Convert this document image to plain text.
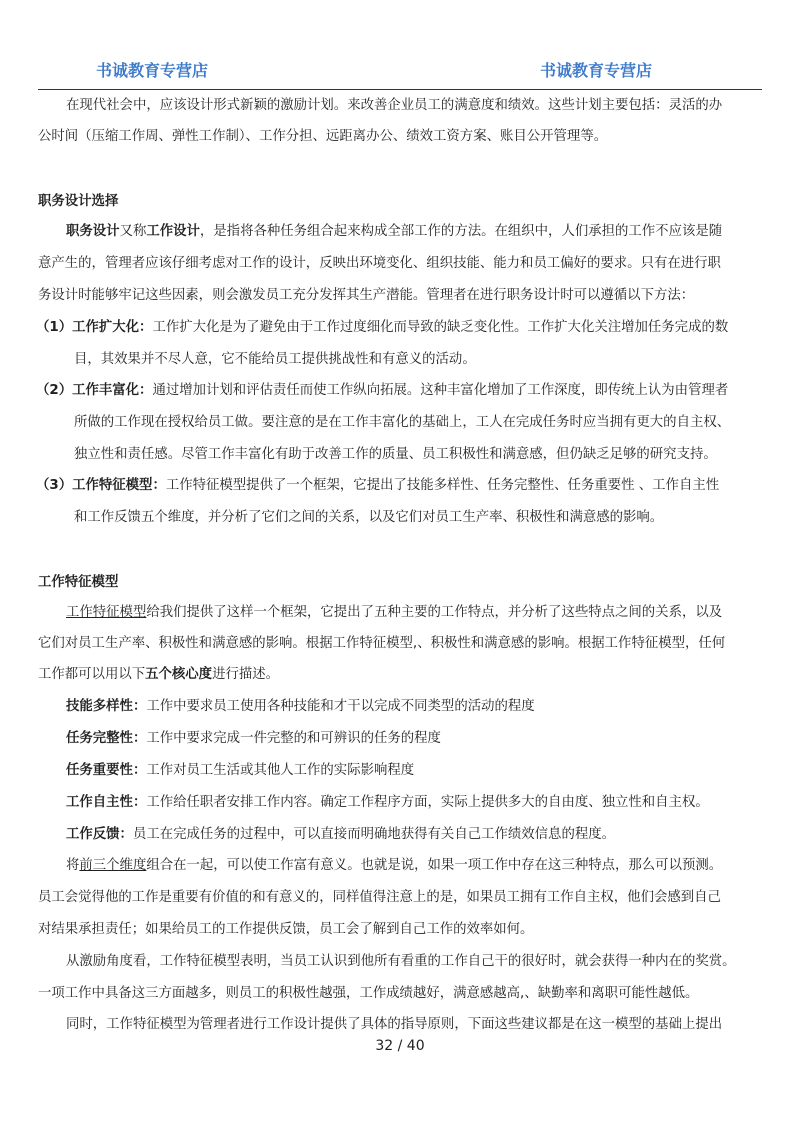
书诚教育专营店	书诚教育专营店
在现代社会中，应该设计形式新颖的激励计划。来改善企业员工的满意度和绩效。这些计划主要包括：灵活的办
公时间（压缩工作周、弹性工作制）、工作分担、远距离办公、绩效工资方案、账目公开管理等。
职务设计选择
职务设计又称工作设计，是指将各种任务组合起来构成全部工作的方法。在组织中，人们承担的工作不应该是随
意产生的，管理者应该仔细考虑对工作的设计，反映出环境变化、组织技能、能力和员工偏好的要求。只有在进行职
务设计时能够牢记这些因素，则会激发员工充分发挥其生产潜能。管理者在进行职务设计时可以遵循以下方法：
（1）工作扩大化：工作扩大化是为了避免由于工作过度细化而导致的缺乏变化性。工作扩大化关注增加任务完成的数
目，其效果并不尽人意，它不能给员工提供挑战性和有意义的活动。
（2）工作丰富化：通过增加计划和评估责任而使工作纵向拓展。这种丰富化增加了工作深度，即传统上认为由管理者
所做的工作现在授权给员工做。要注意的是在工作丰富化的基础上，工人在完成任务时应当拥有更大的自主权、
独立性和责任感。尽管工作丰富化有助于改善工作的质量、员工积极性和满意感，但仍缺乏足够的研究支持。
（3）工作特征模型：工作特征模型提供了一个框架，它提出了技能多样性、任务完整性、任务重要性 、工作自主性
和工作反馈五个维度，并分析了它们之间的关系，以及它们对员工生产率、积极性和满意感的影响。
工作特征模型
工作特征模型给我们提供了这样一个框架，它提出了五种主要的工作特点，并分析了这些特点之间的关系，以及
它们对员工生产率、积极性和满意感的影响。根据工作特征模型,、积极性和满意感的影响。根据工作特征模型，任何
工作都可以用以下五个核心度进行描述。
技能多样性：工作中要求员工使用各种技能和才干以完成不同类型的活动的程度
任务完整性：工作中要求完成一件完整的和可辨识的任务的程度
任务重要性：工作对员工生活或其他人工作的实际影响程度
工作自主性：工作给任职者安排工作内容。确定工作程序方面，实际上提供多大的自由度、独立性和自主权。
工作反馈：员工在完成任务的过程中，可以直接而明确地获得有关自己工作绩效信息的程度。
将前三个维度组合在一起，可以使工作富有意义。也就是说，如果一项工作中存在这三种特点，那么可以预测。
员工会觉得他的工作是重要有价值的和有意义的，同样值得注意上的是，如果员工拥有工作自主权，他们会感到自己
对结果承担责任；如果给员工的工作提供反馈，员工会了解到自己工作的效率如何。
从激励角度看，工作特征模型表明，当员工认识到他所有看重的工作自己干的很好时，就会获得一种内在的奖赏。
一项工作中具备这三方面越多，则员工的积极性越强，工作成绩越好，满意感越高,、缺勤率和离职可能性越低。
同时，工作特征模型为管理者进行工作设计提供了具体的指导原则，下面这些建议都是在这一模型的基础上提出
32 / 40
